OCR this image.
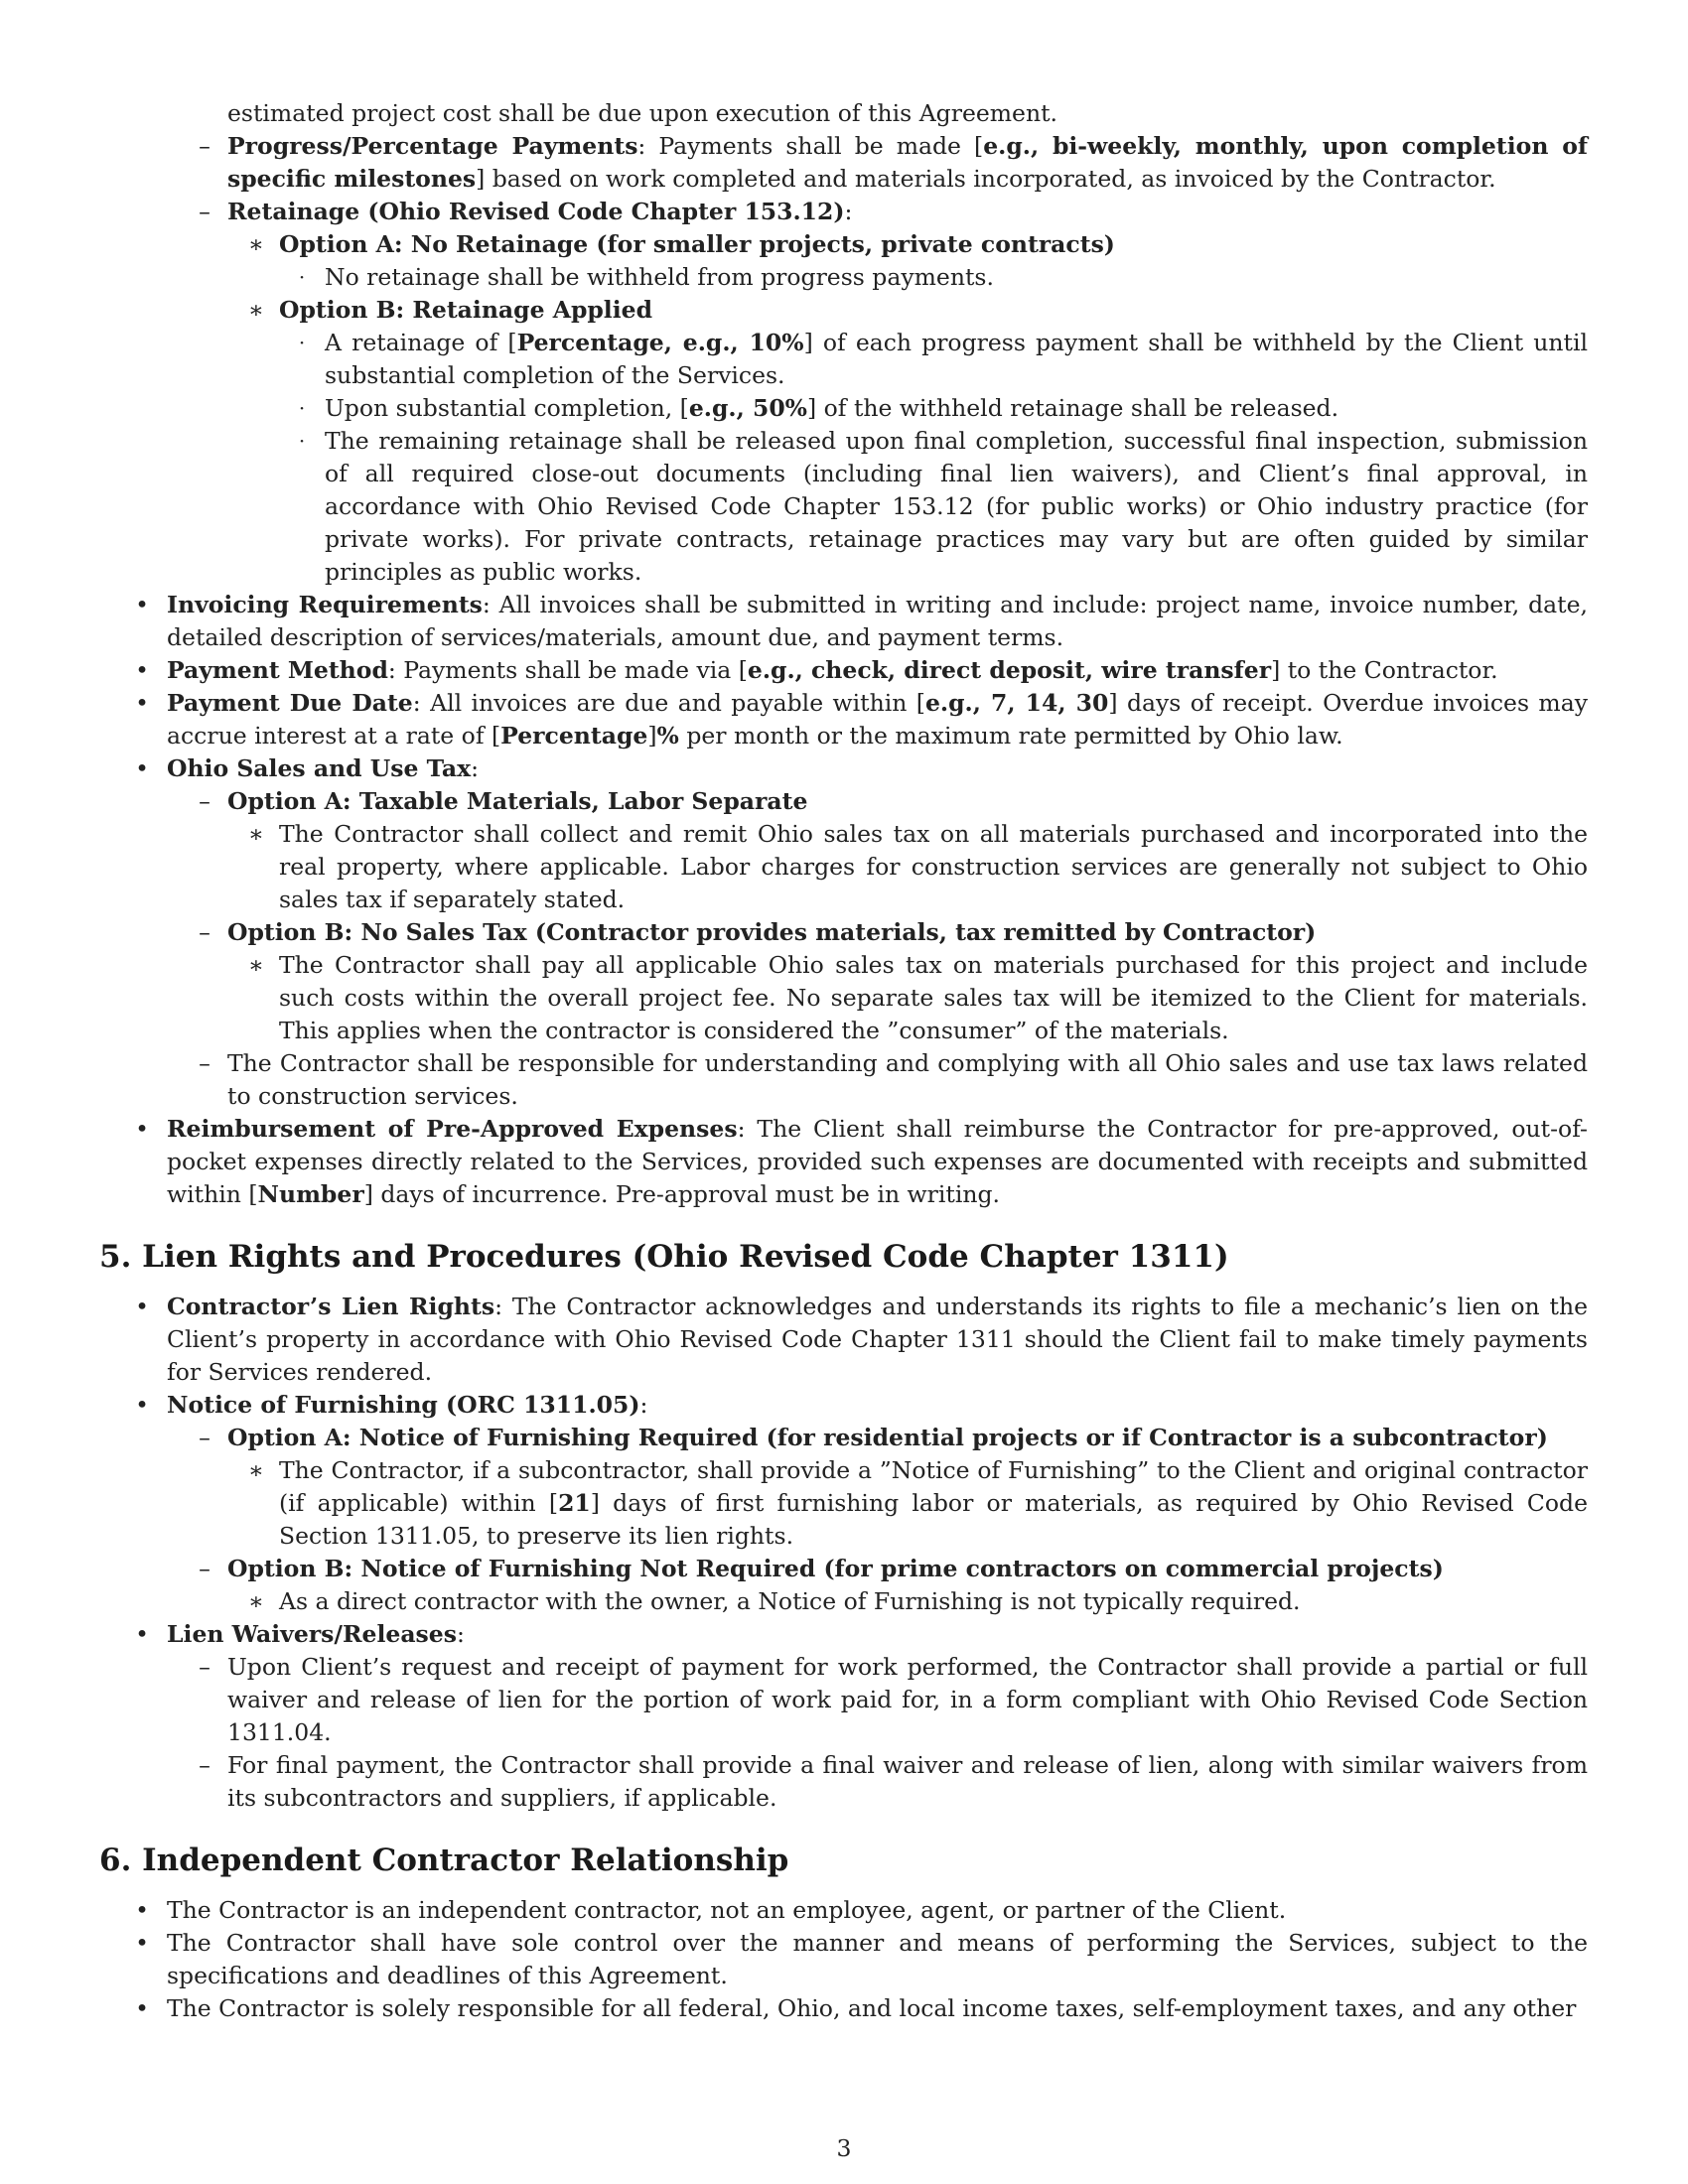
estimated project cost shall be due upon execution of this Agreement.
– Progress/Percentage Payments: Payments shall be made [e.g., bi-weekly, monthly, upon completion of specific milestones] based on work completed and materials incorporated, as invoiced by the Contractor.
– Retainage (Ohio Revised Code Chapter 153.12):
∗ Option A: No Retainage (for smaller projects, private contracts)
· No retainage shall be withheld from progress payments.
∗ Option B: Retainage Applied
· A retainage of [Percentage, e.g., 10%] of each progress payment shall be withheld by the Client until substantial completion of the Services.
· Upon substantial completion, [e.g., 50%] of the withheld retainage shall be released.
· The remaining retainage shall be released upon final completion, successful final inspection, submission of all required close-out documents (including final lien waivers), and Client’s final approval, in accordance with Ohio Revised Code Chapter 153.12 (for public works) or Ohio industry practice (for private works). For private contracts, retainage practices may vary but are often guided by similar principles as public works.
• Invoicing Requirements: All invoices shall be submitted in writing and include: project name, invoice number, date, detailed description of services/materials, amount due, and payment terms.
• Payment Method: Payments shall be made via [e.g., check, direct deposit, wire transfer] to the Contractor.
• Payment Due Date: All invoices are due and payable within [e.g., 7, 14, 30] days of receipt. Overdue invoices may accrue interest at a rate of [Percentage]% per month or the maximum rate permitted by Ohio law.
• Ohio Sales and Use Tax:
– Option A: Taxable Materials, Labor Separate
∗ The Contractor shall collect and remit Ohio sales tax on all materials purchased and incorporated into the real property, where applicable. Labor charges for construction services are generally not subject to Ohio sales tax if separately stated.
– Option B: No Sales Tax (Contractor provides materials, tax remitted by Contractor)
∗ The Contractor shall pay all applicable Ohio sales tax on materials purchased for this project and include such costs within the overall project fee. No separate sales tax will be itemized to the Client for materials. This applies when the contractor is considered the ”consumer” of the materials.
– The Contractor shall be responsible for understanding and complying with all Ohio sales and use tax laws related to construction services.
• Reimbursement of Pre-Approved Expenses: The Client shall reimburse the Contractor for pre-approved, out-of-pocket expenses directly related to the Services, provided such expenses are documented with receipts and submitted within [Number] days of incurrence. Pre-approval must be in writing.
5. Lien Rights and Procedures (Ohio Revised Code Chapter 1311)
• Contractor’s Lien Rights: The Contractor acknowledges and understands its rights to file a mechanic’s lien on the Client’s property in accordance with Ohio Revised Code Chapter 1311 should the Client fail to make timely payments for Services rendered.
• Notice of Furnishing (ORC 1311.05):
– Option A: Notice of Furnishing Required (for residential projects or if Contractor is a subcontractor)
∗ The Contractor, if a subcontractor, shall provide a ”Notice of Furnishing” to the Client and original contractor (if applicable) within [21] days of first furnishing labor or materials, as required by Ohio Revised Code Section 1311.05, to preserve its lien rights.
– Option B: Notice of Furnishing Not Required (for prime contractors on commercial projects)
∗ As a direct contractor with the owner, a Notice of Furnishing is not typically required.
• Lien Waivers/Releases:
– Upon Client’s request and receipt of payment for work performed, the Contractor shall provide a partial or full waiver and release of lien for the portion of work paid for, in a form compliant with Ohio Revised Code Section 1311.04.
– For final payment, the Contractor shall provide a final waiver and release of lien, along with similar waivers from its subcontractors and suppliers, if applicable.
6. Independent Contractor Relationship
• The Contractor is an independent contractor, not an employee, agent, or partner of the Client.
• The Contractor shall have sole control over the manner and means of performing the Services, subject to the specifications and deadlines of this Agreement.
• The Contractor is solely responsible for all federal, Ohio, and local income taxes, self-employment taxes, and any other
3
